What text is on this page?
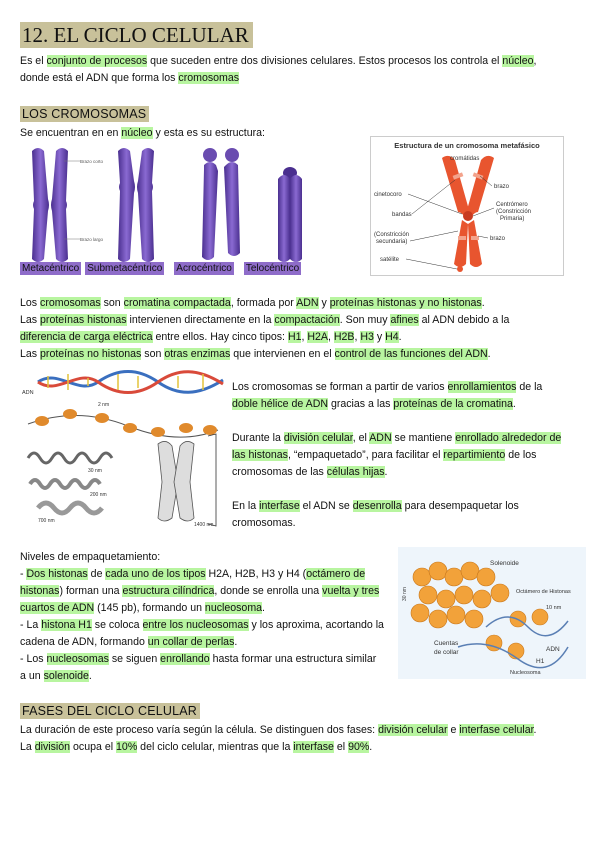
12. EL CICLO CELULAR

Es el conjunto de procesos que suceden entre dos divisiones celulares. Estos procesos los controla el núcleo,

donde está el ADN que forma los cromosomas

LOS CROMOSOMAS
Se encuentran en en núcleo y esta es su estructura:
Brazo corto
Brazo largo
Metacéntrico Submetacéntrico Acrocéntrico Telocéntrico
Estructura de un cromosoma metafásico
cromátidas
brazo
cinetocoro
Centrómero
(Constricción
Primaria)
bandas
(Constricción
secundaria)	brazo
satélite

Los cromosomas son cromatina compactada, formada por ADN y proteínas histonas y no histonas.

Las proteínas histonas intervienen directamente en la compactación. Son muy afines al ADN debido a la

diferencia de carga eléctrica entre ellos. Hay cinco tipos: H1, H2A, H2B, H3 y H4.

Las proteínas no histonas son otras enzimas que intervienen en el control de las funciones del ADN.

ADN
2 nm
30 nm
200 nm
700 nm
1400 nm

Los cromosomas se forman a partir de varios enrollamientos de la

doble hélice de ADN gracias a las proteínas de la cromatina.

Durante la división celular, el ADN se mantiene enrollado alrededor de

las histonas, “empaquetado”, para facilitar el repartimiento de los

cromosomas de las células hijas.

En la interfase el ADN se desenrolla para desempaquetar los

cromosomas.

Niveles de empaquetamiento:

- Dos histonas de cada uno de los tipos H2A, H2B, H3 y H4 (octámero de

histonas) forman una estructura cilíndrica, donde se enrolla una vuelta y tres

cuartos de ADN (145 pb), formando un nucleosoma.

- La histona H1 se coloca entre los nucleosomas y los aproxima, acortando la

cadena de ADN, formando un collar de perlas.

- Los nucleosomas se siguen enrollando hasta formar una estructura similar

a un solenoide.

Solenoide
Octámero de Histonas
30 nm
10 nm
Cuentas
de collar	ADN
H1
Nucleosoma
FASES DEL CICLO CELULAR

La duración de este proceso varía según la célula. Se distinguen dos fases: división celular e interfase celular.

La división ocupa el 10% del ciclo celular, mientras que la interfase el 90%.
